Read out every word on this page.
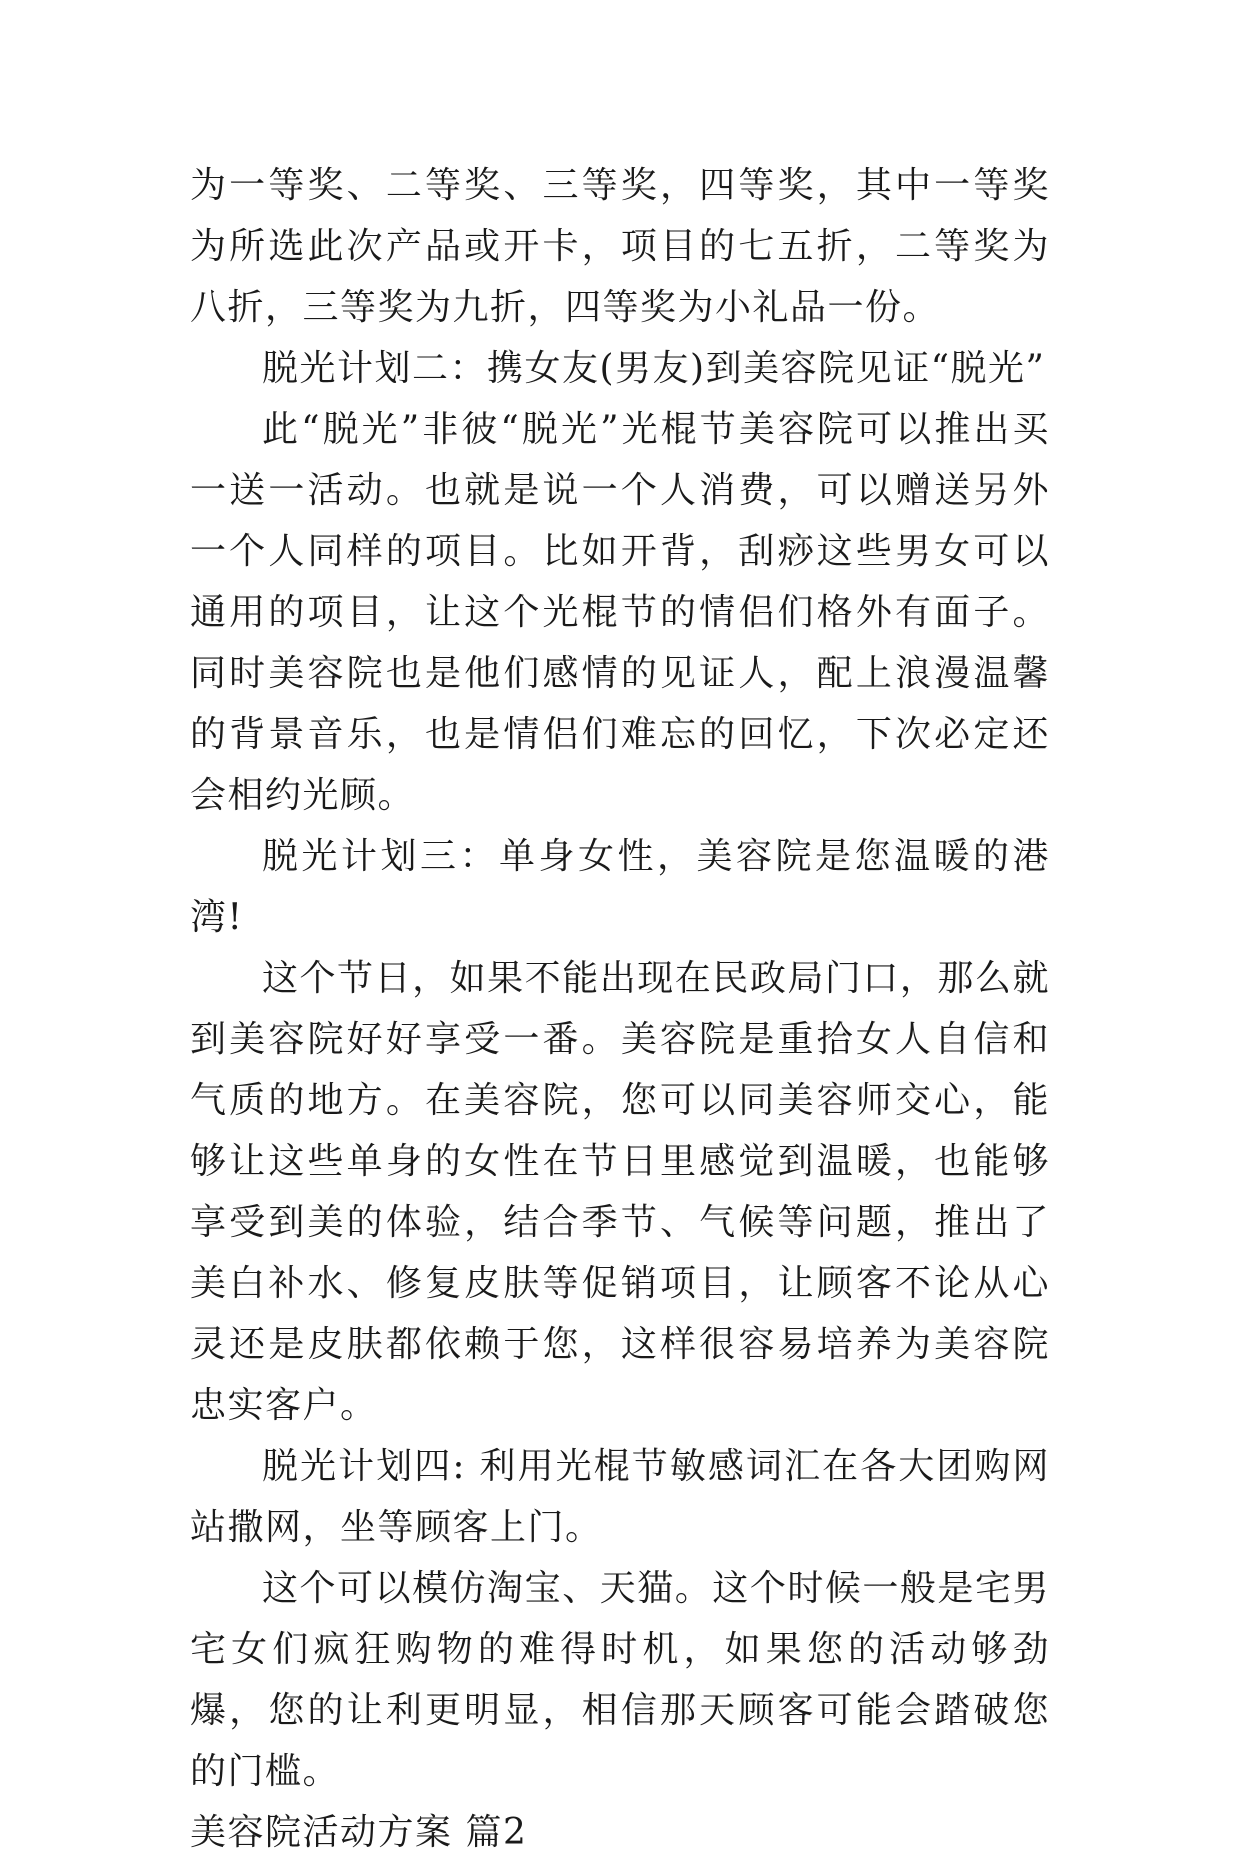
为一等奖、二等奖、三等奖，四等奖，其中一等奖为所选此次产品或开卡，项目的七五折，二等奖为八折，三等奖为九折，四等奖为小礼品一份。

脱光计划二：携女友(男友)到美容院见证“脱光”

此“脱光”非彼“脱光”光棍节美容院可以推出买一送一活动。也就是说一个人消费，可以赠送另外一个人同样的项目。比如开背，刮痧这些男女可以通用的项目，让这个光棍节的情侣们格外有面子。同时美容院也是他们感情的见证人，配上浪漫温馨的背景音乐，也是情侣们难忘的回忆，下次必定还会相约光顾。

脱光计划三：单身女性，美容院是您温暖的港湾!

这个节日，如果不能出现在民政局门口，那么就到美容院好好享受一番。美容院是重拾女人自信和气质的地方。在美容院，您可以同美容师交心，能够让这些单身的女性在节日里感觉到温暖，也能够享受到美的体验，结合季节、气候等问题，推出了美白补水、修复皮肤等促销项目，让顾客不论从心灵还是皮肤都依赖于您，这样很容易培养为美容院忠实客户。

脱光计划四: 利用光棍节敏感词汇在各大团购网站撒网，坐等顾客上门。

这个可以模仿淘宝、天猫。这个时候一般是宅男宅女们疯狂购物的难得时机，如果您的活动够劲爆，您的让利更明显，相信那天顾客可能会踏破您的门槛。

美容院活动方案 篇2
